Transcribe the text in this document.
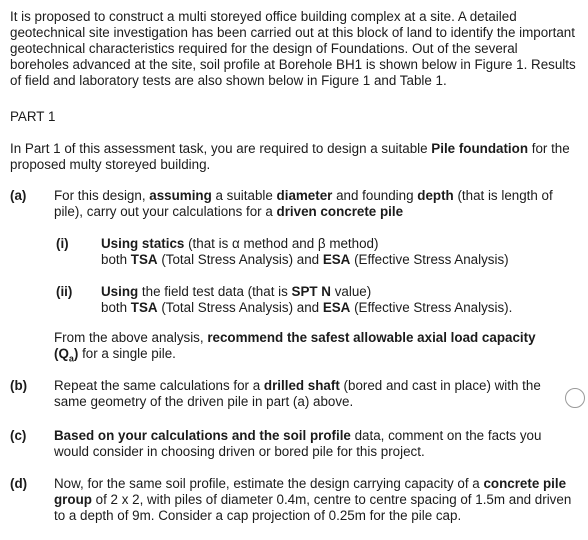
It is proposed to construct a multi storeyed office building complex at a site. A detailed geotechnical site investigation has been carried out at this block of land to identify the important geotechnical characteristics required for the design of Foundations. Out of the several boreholes advanced at the site, soil profile at Borehole BH1 is shown below in Figure 1. Results of field and laboratory tests are also shown below in Figure 1 and Table 1.
PART 1
In Part 1 of this assessment task, you are required to design a suitable Pile foundation for the proposed multy storeyed building.
(a) For this design, assuming a suitable diameter and founding depth (that is length of pile), carry out your calculations for a driven concrete pile
(i) Using statics (that is α method and β method)
both TSA (Total Stress Analysis) and ESA (Effective Stress Analysis)
(ii) Using the field test data (that is SPT N value)
both TSA (Total Stress Analysis) and ESA (Effective Stress Analysis).
From the above analysis, recommend the safest allowable axial load capacity
$(Q_a)$ for a single pile.
(b) Repeat the same calculations for a drilled shaft (bored and cast in place) with the same geometry of the driven pile in part (a) above.
(c) Based on your calculations and the soil profile data, comment on the facts you would consider in choosing driven or bored pile for this project.
(d) Now, for the same soil profile, estimate the design carrying capacity of a concrete pile group of 2 x 2, with piles of diameter 0.4m, centre to centre spacing of 1.5m and driven to a depth of 9m. Consider a cap projection of 0.25m for the pile cap.
